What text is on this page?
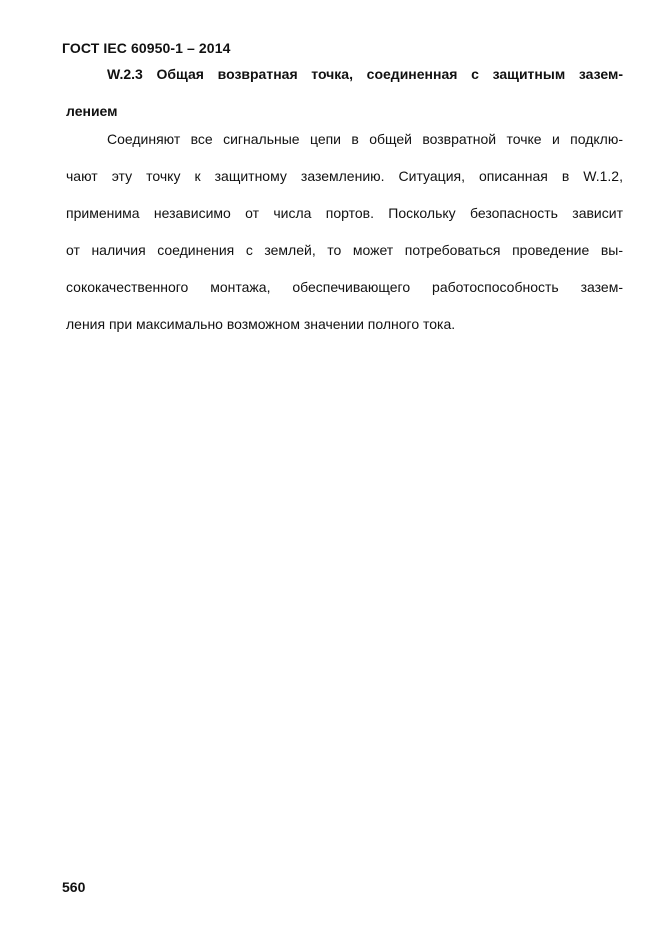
ГОСТ IEC 60950-1 – 2014
W.2.3 Общая возвратная точка, соединенная с защитным зазем-
лением
Соединяют все сигнальные цепи в общей возвратной точке и подклю-
чают эту точку к защитному заземлению. Ситуация, описанная в W.1.2,
применима независимо от числа портов. Поскольку безопасность зависит
от наличия соединения с землей, то может потребоваться проведение вы-
сококачественного монтажа, обеспечивающего работоспособность зазем-
ления при максимально возможном значении полного тока.
560
